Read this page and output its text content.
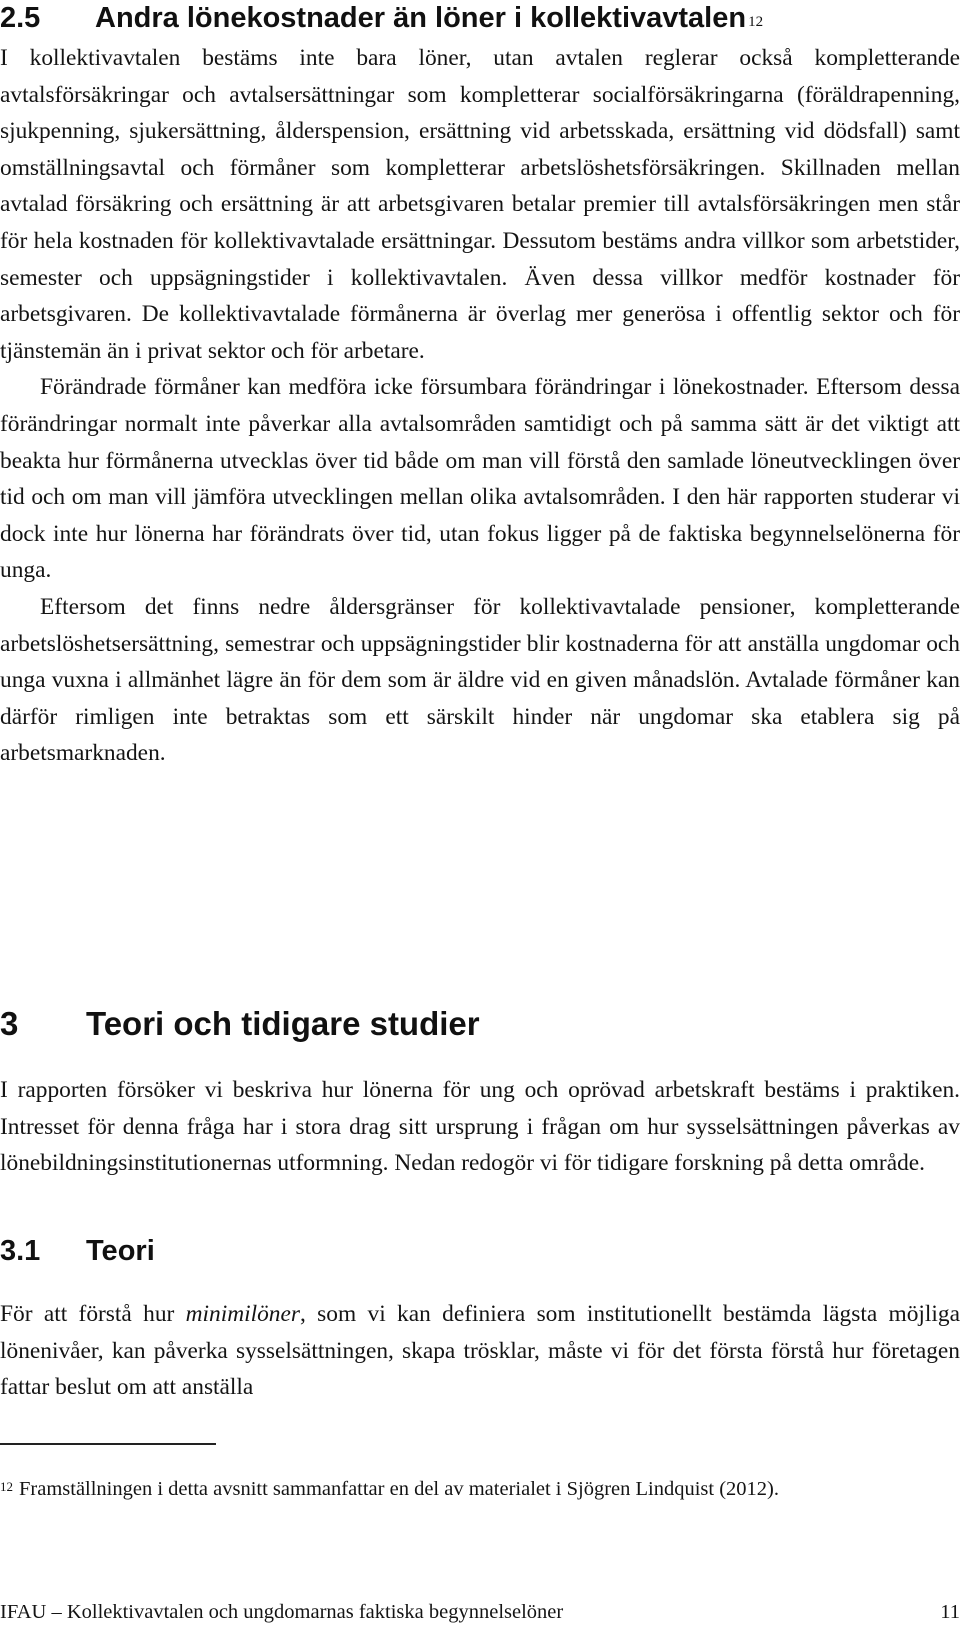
2.5 Andra lönekostnader än löner i kollektivavtalen $^{12}$

I kollektivavtalen bestäms inte bara löner, utan avtalen reglerar också kompletterande avtalsförsäkringar och avtalsersättningar som kompletterar socialförsäkringarna (föräldrapenning, sjukpenning, sjukersättning, ålderspension, ersättning vid arbetsskada, ersättning vid dödsfall) samt omställningsavtal och förmåner som kompletterar arbetslöshetsförsäkringen. Skillnaden mellan avtalad försäkring och ersättning är att arbetsgivaren betalar premier till avtalsförsäkringen men står för hela kostnaden för kollektivavtalade ersättningar. Dessutom bestäms andra villkor som arbetstider, semester och uppsägningstider i kollektivavtalen. Även dessa villkor medför kostnader för arbetsgivaren. De kollektivavtalade förmånerna är överlag mer generösa i offentlig sektor och för tjänstemän än i privat sektor och för arbetare.

Förändrade förmåner kan medföra icke försumbara förändringar i lönekostnader. Eftersom dessa förändringar normalt inte påverkar alla avtalsområden samtidigt och på samma sätt är det viktigt att beakta hur förmånerna utvecklas över tid både om man vill förstå den samlade löneutvecklingen över tid och om man vill jämföra utvecklingen mellan olika avtalsområden. I den här rapporten studerar vi dock inte hur lönerna har förändrats över tid, utan fokus ligger på de faktiska begynnelselönerna för unga.

Eftersom det finns nedre åldersgränser för kollektivavtalade pensioner, kompletterande arbetslöshetsersättning, semestrar och uppsägningstider blir kostnaderna för att anställa ungdomar och unga vuxna i allmänhet lägre än för dem som är äldre vid en given månadslön. Avtalade förmåner kan därför rimligen inte betraktas som ett särskilt hinder när ungdomar ska etablera sig på arbetsmarknaden.

3 Teori och tidigare studier

I rapporten försöker vi beskriva hur lönerna för ung och oprövad arbetskraft bestäms i praktiken. Intresset för denna fråga har i stora drag sitt ursprung i frågan om hur sysselsättningen påverkas av lönebildningsinstitutionernas utformning. Nedan redogör vi för tidigare forskning på detta område.

3.1 Teori

För att förstå hur minimilöner, som vi kan definiera som institutionellt bestämda lägsta möjliga lönenivåer, kan påverka sysselsättningen, skapa trösklar, måste vi för det första förstå hur företagen fattar beslut om att anställa

$^{12}$ Framställningen i detta avsnitt sammanfattar en del av materialet i Sjögren Lindquist (2012).

IFAU – Kollektivavtalen och ungdomarnas faktiska begynnelselöner	11
